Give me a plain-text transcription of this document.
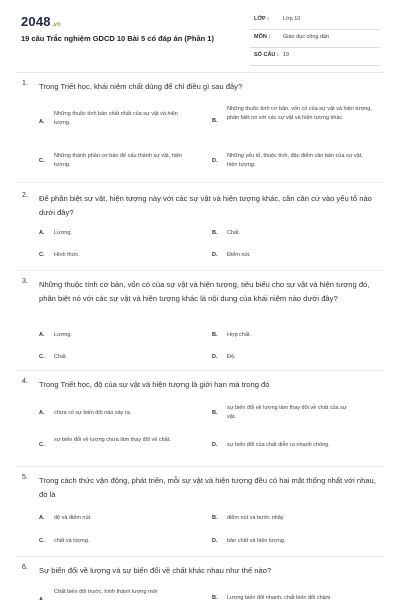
2048.vn
19 câu Trắc nghiệm GDCD 10 Bài 5 có đáp án (Phần 1)
LỚP :	Lớp 10
MÔN : Giáo dục công dân
SỐ CÂU : 19
1. Trong Triết học, khái niệm chất dùng để chỉ điều gì sau đây?
A.
Những thuộc tính bản chất nhất của sự vật và hiện tượng.	B.
Những thuộc tính cơ bản, vốn có của sự vật và hiện tượng, phân biệt nó với các sự vật và hiện tượng khác.
C.
Những thành phần cơ bản để cấu thành sự vật, hiện tượng.
D.
Những yếu tố, thuộc tính, đặc điểm cản bản của sự vật, hiện tượng.
2. Để phân biệt sự vật, hiện tượng này với các sự vật và hiện tượng khác, cần căn cứ vào yếu tố nào dưới đây?
A. Lượng.	B. Chất.
C. Hình thức.	D. Điểm nút.
3. Những thuộc tính cơ bản, vốn có của sự vật và hiện tượng, tiêu biểu cho sự vật và hiện tượng đó, phân biệt nó với các sự vật và hiện tượng khác là nội dung của khái niệm nào dưới đây?
A. Lượng.	B. Hợp chất.
C. Chất.	D. Độ.
4. Trong Triết học, độ của sự vật và hiện tượng là giới hạn mà trong đó
A. chưa có sự biến đổi nào xảy ra.	B.
sự biến đổi về lượng làm thay đổi về chất của sự vật.
C.
sự biến đổi về lượng chưa làm thay đổi về chất.
D. sự biến đổi của chất diễn ra nhanh chóng.
5. Trong cách thức vận động, phát triển, mỗi sự vật và hiện tượng đều có hai mặt thống nhất với nhau, đó là
A. độ và điểm nút.	B. điểm nút và bước nhảy.
C. chất và lượng.	D. bản chất và hiện tượng.
6. Sự biến đổi về lượng và sự biến đổi về chất khác nhau như thế nào?
A.
Chất biến đổi trước, hình thành lượng mới
B. Lượng biến đổi nhanh, chất biến đổi chậm
